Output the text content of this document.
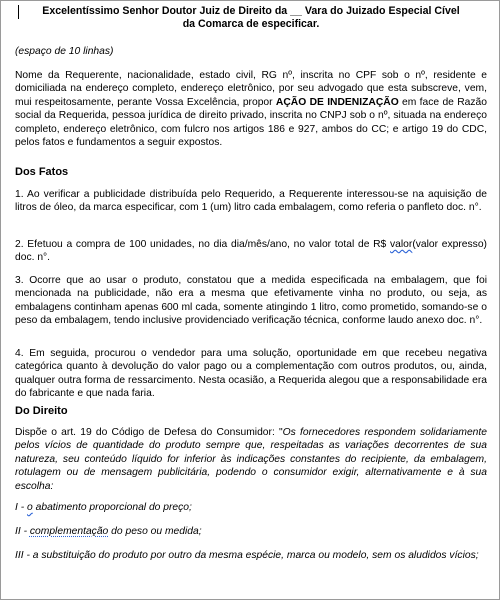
Excelentíssimo Senhor Doutor Juiz de Direito da __ Vara do Juizado Especial Cível
da Comarca de especificar.

(espaço de 10 linhas)

Nome da Requerente, nacionalidade, estado civil, RG nº, inscrita no CPF sob o nº, residente e domiciliada na endereço completo, endereço eletrônico, por seu advogado que esta subscreve, vem, mui respeitosamente, perante Vossa Excelência, propor AÇÃO DE INDENIZAÇÃO em face de Razão social da Requerida, pessoa jurídica de direito privado, inscrita no CNPJ sob o nº, situada na endereço completo, endereço eletrônico, com fulcro nos artigos 186 e 927, ambos do CC; e artigo 19 do CDC, pelos fatos e fundamentos a seguir expostos.

Dos Fatos

1. Ao verificar a publicidade distribuída pelo Requerido, a Requerente interessou-se na aquisição de litros de óleo, da marca especificar, com 1 (um) litro cada embalagem, como referia o panfleto doc. n°.

2. Efetuou a compra de 100 unidades, no dia dia/mês/ano, no valor total de R$ valor(valor expresso) doc. n°.

3. Ocorre que ao usar o produto, constatou que a medida especificada na embalagem, que foi mencionada na publicidade, não era a mesma que efetivamente vinha no produto, ou seja, as embalagens continham apenas 600 ml cada, somente atingindo 1 litro, como prometido, somando-se o peso da embalagem, tendo inclusive providenciado verificação técnica, conforme laudo anexo doc. n°.

4. Em seguida, procurou o vendedor para uma solução, oportunidade em que recebeu negativa categórica quanto à devolução do valor pago ou a complementação com outros produtos, ou, ainda, qualquer outra forma de ressarcimento. Nesta ocasião, a Requerida alegou que a responsabilidade era do fabricante e que nada faria.

Do Direito

Dispõe o art. 19 do Código de Defesa do Consumidor: "Os fornecedores respondem solidariamente pelos vícios de quantidade do produto sempre que, respeitadas as variações decorrentes de sua natureza, seu conteúdo líquido for inferior às indicações constantes do recipiente, da embalagem, rotulagem ou de mensagem publicitária, podendo o consumidor exigir, alternativamente e à sua escolha:

I - o abatimento proporcional do preço;

II - complementação do peso ou medida;

III - a substituição do produto por outro da mesma espécie, marca ou modelo, sem os aludidos vícios;
